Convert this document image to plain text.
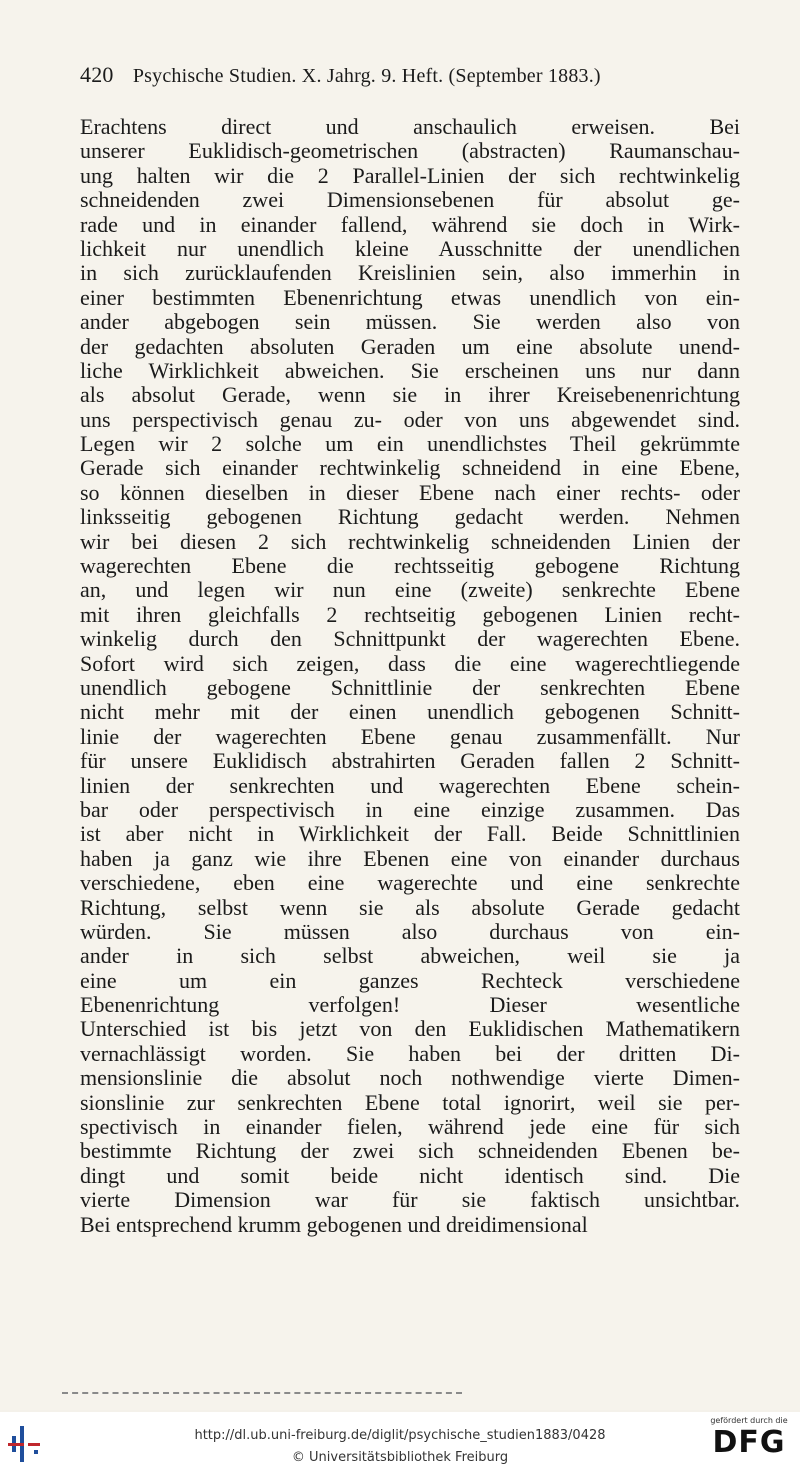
420 Psychische Studien. X. Jahrg. 9. Heft. (September 1883.)
Erachtens direct und anschaulich erweisen. Bei
unserer Euklidisch-geometrischen (abstracten) Raumanschau-
ung halten wir die 2 Parallel-Linien der sich rechtwinkelig
schneidenden zwei Dimensionsebenen für absolut ge-
rade und in einander fallend, während sie doch in Wirk-
lichkeit nur unendlich kleine Ausschnitte der unendlichen
in sich zurücklaufenden Kreislinien sein, also immerhin in
einer bestimmten Ebenenrichtung etwas unendlich von ein-
ander abgebogen sein müssen. Sie werden also von
der gedachten absoluten Geraden um eine absolute unend-
liche Wirklichkeit abweichen. Sie erscheinen uns nur dann
als absolut Gerade, wenn sie in ihrer Kreisebenenrichtung
uns perspectivisch genau zu- oder von uns abgewendet sind.
Legen wir 2 solche um ein unendlichstes Theil gekrümmte
Gerade sich einander rechtwinkelig schneidend in eine Ebene,
so können dieselben in dieser Ebene nach einer rechts- oder
linksseitig gebogenen Richtung gedacht werden. Nehmen
wir bei diesen 2 sich rechtwinkelig schneidenden Linien der
wagerechten Ebene die rechtsseitig gebogene Richtung
an, und legen wir nun eine (zweite) senkrechte Ebene
mit ihren gleichfalls 2 rechtseitig gebogenen Linien recht-
winkelig durch den Schnittpunkt der wagerechten Ebene.
Sofort wird sich zeigen, dass die eine wagerechtliegende
unendlich gebogene Schnittlinie der senkrechten Ebene
nicht mehr mit der einen unendlich gebogenen Schnitt-
linie der wagerechten Ebene genau zusammenfällt. Nur
für unsere Euklidisch abstrahirten Geraden fallen 2 Schnitt-
linien der senkrechten und wagerechten Ebene schein-
bar oder perspectivisch in eine einzige zusammen. Das
ist aber nicht in Wirklichkeit der Fall. Beide Schnittlinien
haben ja ganz wie ihre Ebenen eine von einander durchaus
verschiedene, eben eine wagerechte und eine senkrechte
Richtung, selbst wenn sie als absolute Gerade gedacht
würden. Sie müssen also durchaus von ein-
ander in sich selbst abweichen, weil sie ja
eine um ein ganzes Rechteck verschiedene
Ebenenrichtung verfolgen! Dieser wesentliche
Unterschied ist bis jetzt von den Euklidischen Mathematikern
vernachlässigt worden. Sie haben bei der dritten Di-
mensionslinie die absolut noch nothwendige vierte Dimen-
sionslinie zur senkrechten Ebene total ignorirt, weil sie per-
spectivisch in einander fielen, während jede eine für sich
bestimmte Richtung der zwei sich schneidenden Ebenen be-
dingt und somit beide nicht identisch sind. Die
vierte Dimension war für sie faktisch unsichtbar.
Bei entsprechend krumm gebogenen und dreidimensional
http://dl.ub.uni-freiburg.de/diglit/psychische_studien1883/0428
© Universitätsbibliothek Freiburg
gefördert durch die
DFG
